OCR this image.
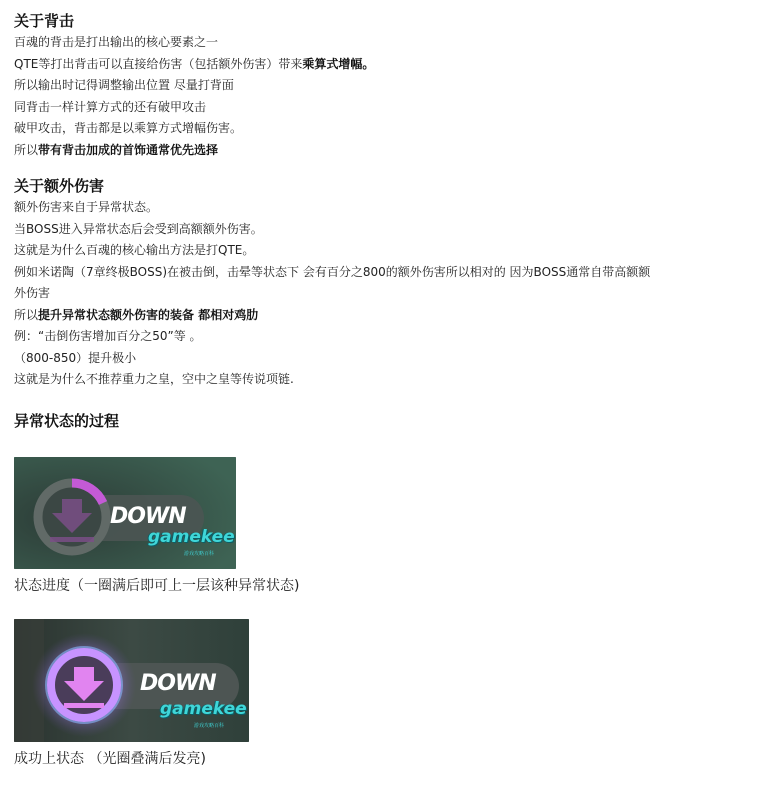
关于背击

百魂的背击是打出输出的核心要素之一

QTE等打出背击可以直接给伤害（包括额外伤害）带来乘算式增幅。

所以输出时记得调整输出位置 尽量打背面

同背击一样计算方式的还有破甲攻击

破甲攻击，背击都是以乘算方式增幅伤害。

所以带有背击加成的首饰通常优先选择

关于额外伤害

额外伤害来自于异常状态。

当BOSS进入异常状态后会受到高额额外伤害。

这就是为什么百魂的核心输出方法是打QTE。

例如米诺陶（7章终极BOSS)在被击倒，击晕等状态下 会有百分之800的额外伤害所以相对的 因为BOSS通常自带高额额

外伤害

所以提升异常状态额外伤害的装备 都相对鸡肋

例：“击倒伤害增加百分之50”等 。

（800-850）提升极小

这就是为什么不推荐重力之皇，空中之皇等传说项链.

异常状态的过程
DOWN
gamekee
游戏攻略百科
状态进度（一圈满后即可上一层该种异常状态)
DOWN
gamekee
游戏攻略百科
成功上状态 （光圈叠满后发亮)
